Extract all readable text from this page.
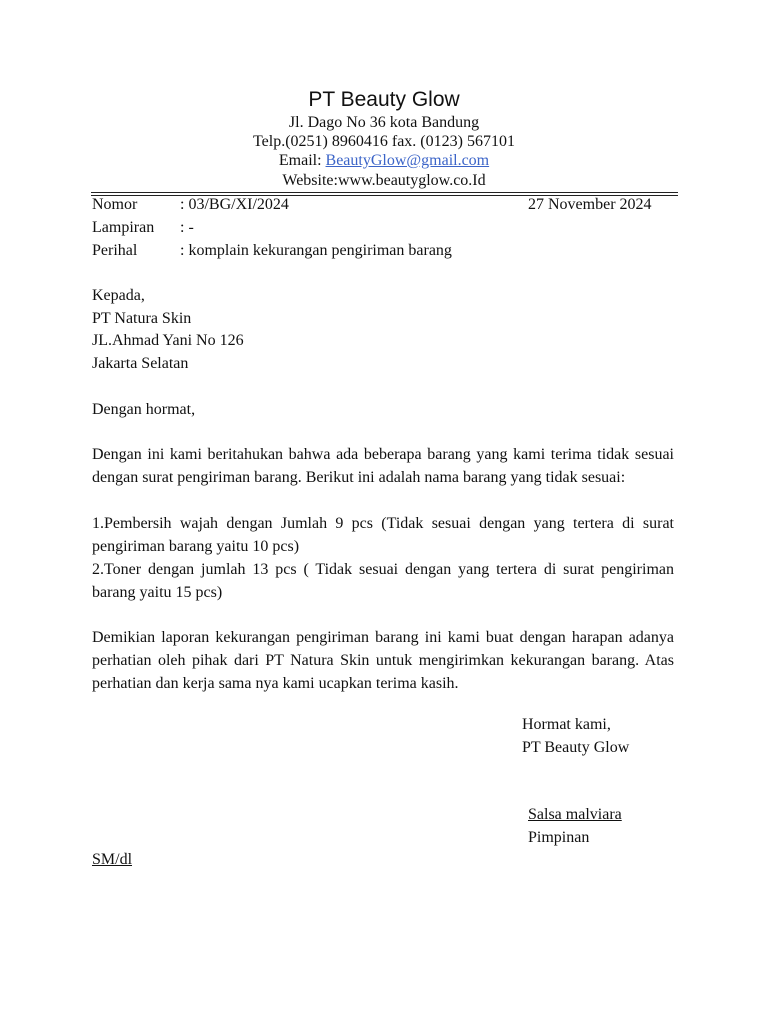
PT Beauty Glow
Jl. Dago No 36 kota Bandung
Telp.(0251) 8960416 fax. (0123) 567101
Email: BeautyGlow@gmail.com
Website:www.beautyglow.co.Id
Nomor	: 03/BG/XI/2024	27 November 2024
Lampiran : -
Perihal	: komplain kekurangan pengiriman barang
Kepada,
PT Natura Skin
JL.Ahmad Yani No 126
Jakarta Selatan
Dengan hormat,
Dengan ini kami beritahukan bahwa ada beberapa barang yang kami terima tidak sesuai dengan surat pengiriman barang. Berikut ini adalah nama barang yang tidak sesuai:
1.Pembersih wajah dengan Jumlah 9 pcs (Tidak sesuai dengan yang tertera di surat pengiriman barang yaitu 10 pcs)
2.Toner dengan jumlah 13 pcs ( Tidak sesuai dengan yang tertera di surat pengiriman barang yaitu 15 pcs)
Demikian laporan kekurangan pengiriman barang ini kami buat dengan harapan adanya perhatian oleh pihak dari PT Natura Skin untuk mengirimkan kekurangan barang. Atas perhatian dan kerja sama nya kami ucapkan terima kasih.
Hormat kami,
PT Beauty Glow
Salsa malviara
Pimpinan
SM/dl
